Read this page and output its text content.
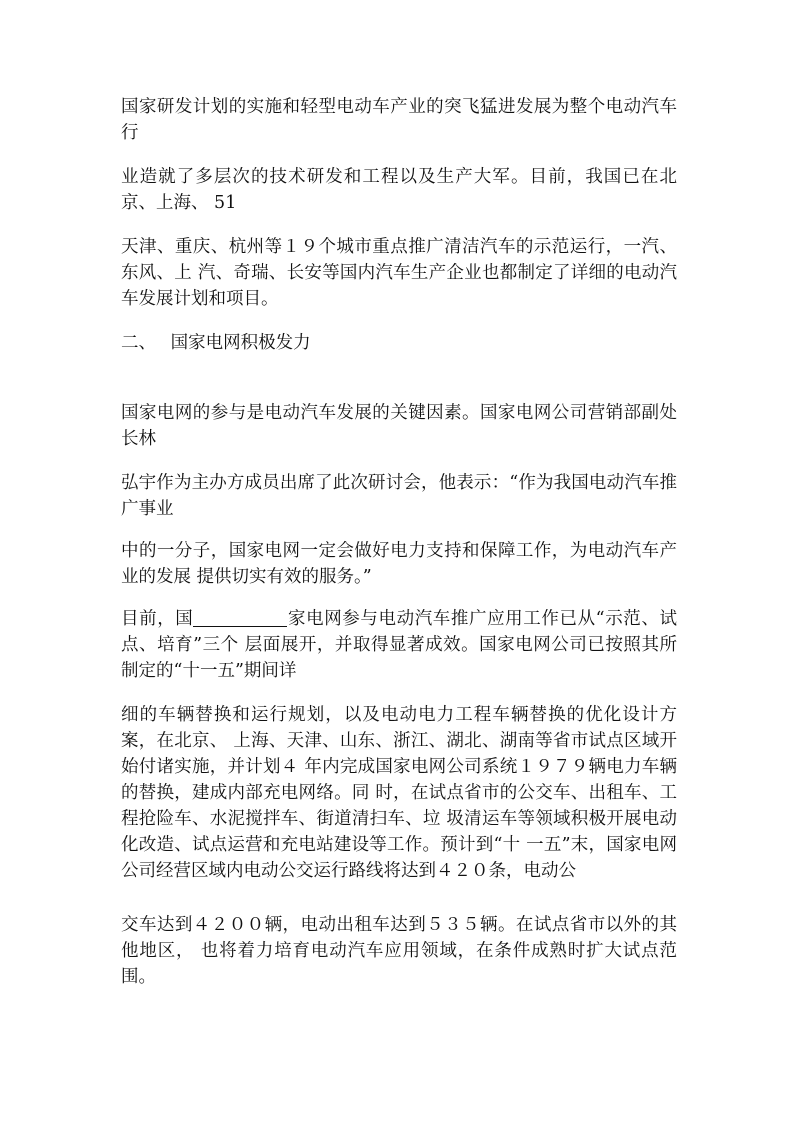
国家研发计划的实施和轻型电动车产业的突飞猛进发展为整个电动汽车行

业造就了多层次的技术研发和工程以及生产大军。目前，我国已在北京、上海、 51

天津、重庆、杭州等１９个城市重点推广清洁汽车的示范运行，一汽、东风、上 汽、奇瑞、长安等国内汽车生产企业也都制定了详细的电动汽车发展计划和项目。

二、 国家电网积极发力

国家电网的参与是电动汽车发展的关键因素。国家电网公司营销部副处长林

弘宇作为主办方成员出席了此次研讨会，他表示：“作为我国电动汽车推广事业

中的一分子，国家电网一定会做好电力支持和保障工作，为电动汽车产业的发展 提供切实有效的服务。”

目前，国	家电网参与电动汽车推广应用工作已从“示范、试点、培育”三个 层面展开，并取得显著成效。国家电网公司已按照其所制定的“十一五”期间详

细的车辆替换和运行规划，以及电动电力工程车辆替换的优化设计方案，在北京、 上海、天津、山东、浙江、湖北、湖南等省市试点区域开始付诸实施，并计划４ 年内完成国家电网公司系统１９７９辆电力车辆的替换，建成内部充电网络。同 时，在试点省市的公交车、出租车、工程抢险车、水泥搅拌车、街道清扫车、垃 圾清运车等领域积极开展电动化改造、试点运营和充电站建设等工作。预计到“十 一五”末，国家电网公司经营区域内电动公交运行路线将达到４２０条，电动公

交车达到４２００辆，电动出租车达到５３５辆。在试点省市以外的其他地区， 也将着力培育电动汽车应用领域，在条件成熟时扩大试点范围。
